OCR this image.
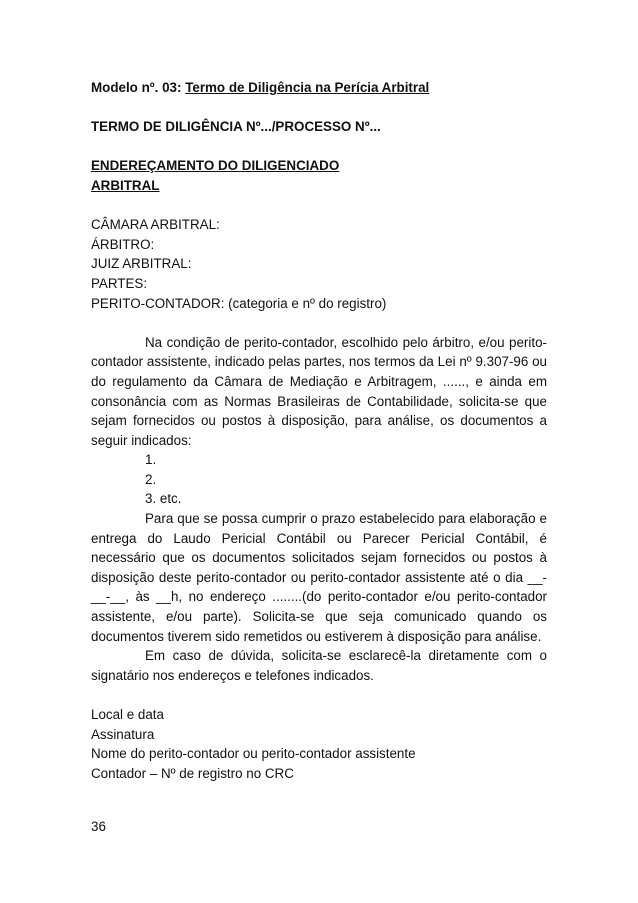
Modelo nº. 03: Termo de Diligência na Perícia Arbitral

TERMO DE DILIGÊNCIA Nº.../PROCESSO Nº...

ENDEREÇAMENTO DO DILIGENCIADO

ARBITRAL

CÂMARA ARBITRAL:

ÁRBITRO:

JUIZ ARBITRAL:

PARTES:

PERITO-CONTADOR: (categoria e nº do registro)

Na condição de perito-contador, escolhido pelo árbitro, e/ou perito-contador assistente, indicado pelas partes, nos termos da Lei nº 9.307-96 ou do regulamento da Câmara de Mediação e Arbitragem, ......, e ainda em consonância com as Normas Brasileiras de Contabilidade, solicita-se que sejam fornecidos ou postos à disposição, para análise, os documentos a seguir indicados:

1.

2.

3. etc.

Para que se possa cumprir o prazo estabelecido para elaboração e entrega do Laudo Pericial Contábil ou Parecer Pericial Contábil, é necessário que os documentos solicitados sejam fornecidos ou postos à disposição deste perito-contador ou perito-contador assistente até o dia __-__-__, às __h, no endereço ........(do perito-contador e/ou perito-contador assistente, e/ou parte). Solicita-se que seja comunicado quando os documentos tiverem sido remetidos ou estiverem à disposição para análise.

Em caso de dúvida, solicita-se esclarecê-la diretamente com o signatário nos endereços e telefones indicados.

Local e data

Assinatura

Nome do perito-contador ou perito-contador assistente

Contador – Nº de registro no CRC

36
